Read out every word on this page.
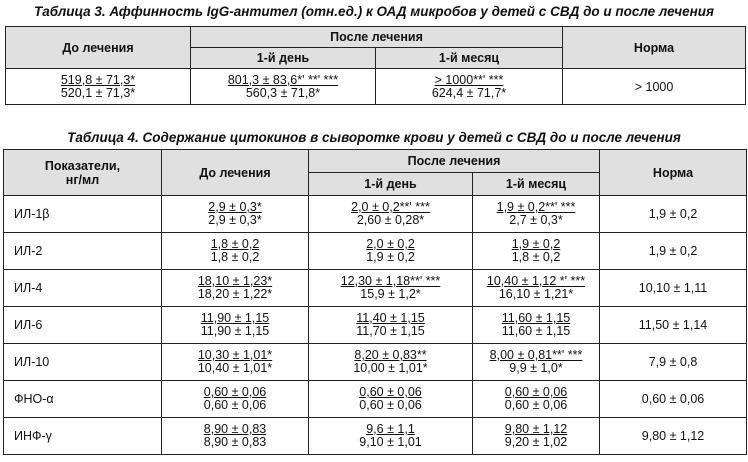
Таблица 3. Аффинность IgG-антител (отн.ед.) к ОАД микробов у детей с СВД до и после лечения
До лечения	После лечения		Норма
	1-й день	1-й месяц	

$\frac{519,8 \pm 71,3*}{520,1 \pm 71,3*}$	$\frac{801,3 \pm 83,6*' **' ***}{560,3 \pm 71,8*}$	$\frac{> 1000**' ***}{624,4 \pm 71,7*}$	> 1000
Таблица 4. Содержание цитокинов в сыворотке крови у детей с СВД до и после лечения
Показатели,
нг/мл	До лечения	После лечения		Норма
		1-й день	1-й месяц	
ИЛ-1β	$\frac{2,9 \pm 0,3*}{2,9 \pm 0,3*}$	$\frac{2,0 \pm 0,2**' ***}{2,60 \pm 0,28*}$	$\frac{1,9 \pm 0,2**' ***}{2,7 \pm 0,3*}$	1,9 ± 0,2
ИЛ-2	$\frac{1,8 \pm 0,2}{1,8 \pm 0,2}$	$\frac{2,0 \pm 0,2}{1,9 \pm 0,2}$	$\frac{1,9 \pm 0,2}{1,8 \pm 0,2}$	1,9 ± 0,2
ИЛ-4	$\frac{18,10 \pm 1,23*}{18,20 \pm 1,22*}$	$\frac{12,30 \pm 1,18**' ***}{15,9 \pm 1,2*}$	$\frac{10,40 \pm 1,12 *' ***}{16,10 \pm 1,21*}$	10,10 ± 1,11
ИЛ-6	$\frac{11,90 \pm 1,15}{11,90 \pm 1,15}$	$\frac{11,40 \pm 1,15}{11,70 \pm 1,15}$	$\frac{11,60 \pm 1,15}{11,60 \pm 1,15}$	11,50 ± 1,14
ИЛ-10	$\frac{10,30 \pm 1,01*}{10,40 \pm 1,01*}$	$\frac{8,20 \pm 0,83**}{10,00 \pm 1,01*}$	$\frac{8,00 \pm 0,81**' ***}{9,9 \pm 1,0*}$	7,9 ± 0,8
ФНО-α	$\frac{0,60 \pm 0,06}{0,60 \pm 0,06}$	$\frac{0,60 \pm 0,06}{0,60 \pm 0,06}$	$\frac{0,60 \pm 0,06}{0,60 \pm 0,06}$	0,60 ± 0,06
ИНФ-γ	$\frac{8,90 \pm 0,83}{8,90 \pm 0,83}$	$\frac{9,6 \pm 1,1}{9,10 \pm 1,01}$	$\frac{9,80 \pm 1,12}{9,20 \pm 1,02}$	9,80 ± 1,12
